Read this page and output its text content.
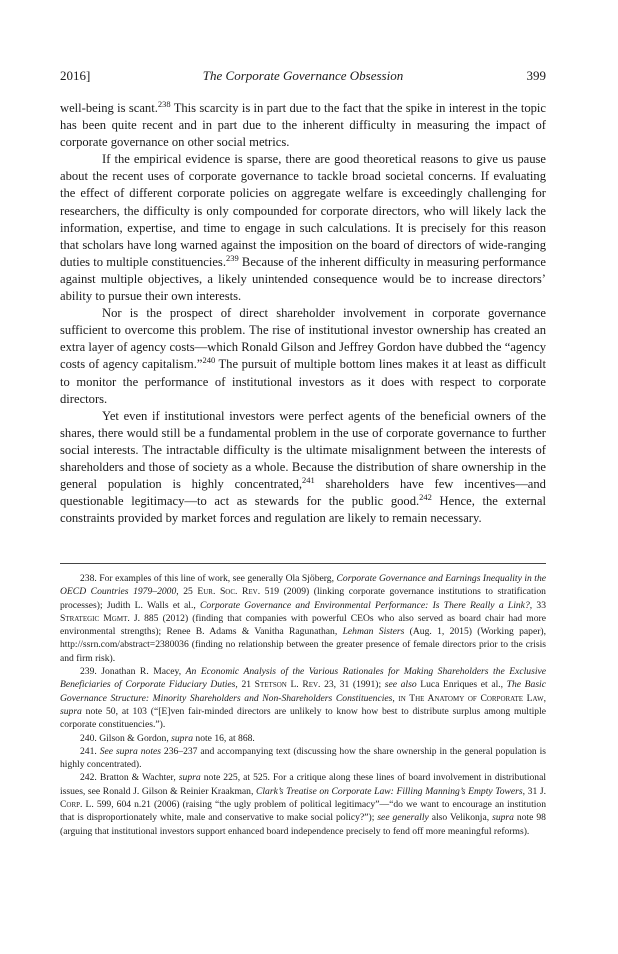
The Corporate Governance Obsession
2016]	399

well-being is scant.$^{238}$ This scarcity is in part due to the fact that the spike in interest in the topic has been quite recent and in part due to the inherent difficulty in measuring the impact of corporate governance on other social metrics.

If the empirical evidence is sparse, there are good theoretical reasons to give us pause about the recent uses of corporate governance to tackle broad societal concerns. If evaluating the effect of different corporate policies on aggregate welfare is exceedingly challenging for researchers, the difficulty is only compounded for corporate directors, who will likely lack the information, expertise, and time to engage in such calculations. It is precisely for this reason that scholars have long warned against the imposition on the board of directors of wide-ranging duties to multiple constituencies.$^{239}$ Because of the inherent difficulty in measuring performance against multiple objectives, a likely unintended consequence would be to increase directors’ ability to pursue their own interests.

Nor is the prospect of direct shareholder involvement in corporate governance sufficient to overcome this problem. The rise of institutional investor ownership has created an extra layer of agency costs—which Ronald Gilson and Jeffrey Gordon have dubbed the “agency costs of agency capitalism.”$^{240}$ The pursuit of multiple bottom lines makes it at least as difficult to monitor the performance of institutional investors as it does with respect to corporate directors.

Yet even if institutional investors were perfect agents of the beneficial owners of the shares, there would still be a fundamental problem in the use of corporate governance to further social interests. The intractable difficulty is the ultimate misalignment between the interests of shareholders and those of society as a whole. Because the distribution of share ownership in the general population is highly concentrated,$^{241}$ shareholders have few incentives—and questionable legitimacy—to act as stewards for the public good.$^{242}$ Hence, the external constraints provided by market forces and regulation are likely to remain necessary.

238. For examples of this line of work, see generally Ola Sjöberg, Corporate Governance and Earnings Inequality in the OECD Countries 1979–2000, 25 Eur. Soc. Rev. 519 (2009) (linking corporate governance institutions to stratification processes); Judith L. Walls et al., Corporate Governance and Environmental Performance: Is There Really a Link?, 33 Strategic Mgmt. J. 885 (2012) (finding that companies with powerful CEOs who also served as board chair had more environmental strengths); Renee B. Adams & Vanitha Ragunathan, Lehman Sisters (Aug. 1, 2015) (Working paper), http://ssrn.com/abstract=2380036 (finding no relationship between the greater presence of female directors prior to the crisis and firm risk).

239. Jonathan R. Macey, An Economic Analysis of the Various Rationales for Making Shareholders the Exclusive Beneficiaries of Corporate Fiduciary Duties, 21 Stetson L. Rev. 23, 31 (1991); see also Luca Enriques et al., The Basic Governance Structure: Minority Shareholders and Non-Shareholders Constituencies, in The Anatomy of Corporate Law, supra note 50, at 103 (“[E]ven fair-minded directors are unlikely to know how best to distribute surplus among multiple corporate constituencies.”).

240. Gilson & Gordon, supra note 16, at 868.

241. See supra notes 236–237 and accompanying text (discussing how the share ownership in the general population is highly concentrated).

242. Bratton & Wachter, supra note 225, at 525. For a critique along these lines of board involvement in distributional issues, see Ronald J. Gilson & Reinier Kraakman, Clark’s Treatise on Corporate Law: Filling Manning’s Empty Towers, 31 J. Corp. L. 599, 604 n.21 (2006) (raising “the ugly problem of political legitimacy”—“do we want to encourage an institution that is disproportionately white, male and conservative to make social policy?”); see generally also Velikonja, supra note 98 (arguing that institutional investors support enhanced board independence precisely to fend off more meaningful reforms).
